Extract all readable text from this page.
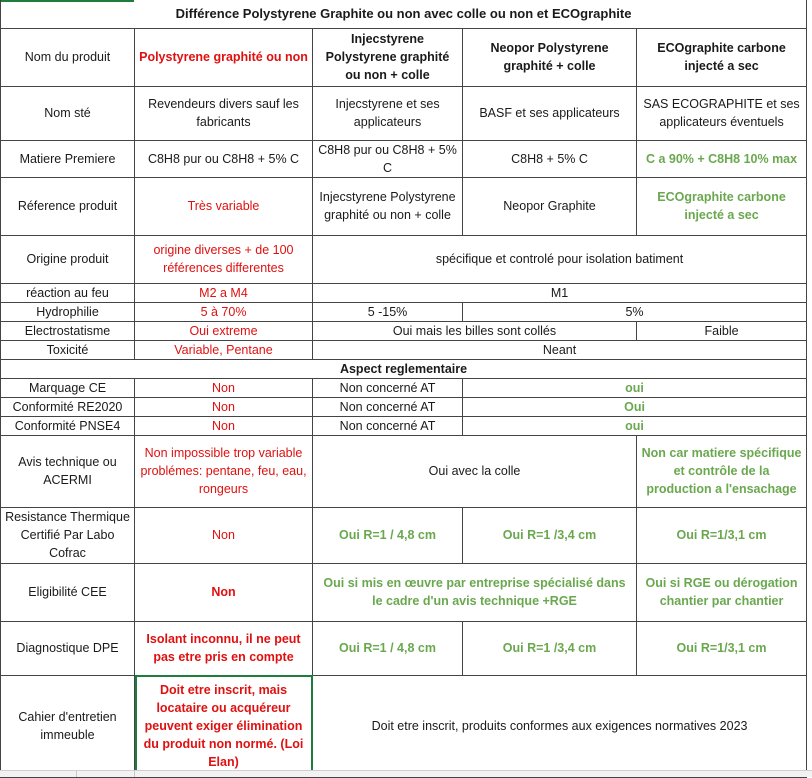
Différence Polystyrene Graphite ou non avec colle ou non et ECOgraphite				
Nom du produit	Polystyrene graphité ou non	Injecstyrene Polystyrene graphité ou non + colle	Neopor Polystyrene graphité + colle	ECOgraphite carbone injecté a sec
Nom sté	Revendeurs divers sauf les fabricants	Injecstyrene et ses applicateurs	BASF et ses applicateurs	SAS ECOGRAPHITE et ses applicateurs éventuels
Matiere Premiere	C8H8 pur ou C8H8 + 5% C	C8H8 pur ou C8H8 + 5% C	C8H8 + 5% C	C a 90% + C8H8 10% max
Réference produit	Très variable	Injecstyrene Polystyrene graphité ou non + colle	Neopor Graphite	ECOgraphite carbone injecté a sec
Origine produit	origine diverses + de 100 références differentes	spécifique et controlé pour isolation batiment		
réaction au feu	M2 a M4	M1		
Hydrophilie	5 à 70%	5 -15%	5%	
Electrostatisme	Oui extreme	Oui mais les billes sont collés		Faible
Toxicité	Variable, Pentane	Neant		
Aspect reglementaire				
Marquage CE	Non	Non concerné AT	oui	
Conformité RE2020	Non	Non concerné AT	Oui	
Conformité PNSE4	Non	Non concerné AT	oui	
Avis technique ou ACERMI	Non impossible trop variable problémes: pentane, feu, eau, rongeurs	Oui avec la colle		Non car matiere spécifique et contrôle de la production a l'ensachage
Resistance Thermique Certifié Par Labo Cofrac	Non	Oui R=1 / 4,8 cm	Oui R=1 /3,4 cm	Oui R=1/3,1 cm
Eligibilité CEE	Non	Oui si mis en œuvre par entreprise spécialisé dans le cadre d'un avis technique +RGE		Oui si RGE ou dérogation chantier par chantier
Diagnostique DPE	Isolant inconnu, il ne peut pas etre pris en compte	Oui R=1 / 4,8 cm	Oui R=1 /3,4 cm	Oui R=1/3,1 cm
Cahier d'entretien immeuble	Doit etre inscrit, mais locataire ou acquéreur peuvent exiger élimination du produit non normé. (Loi Elan)	Doit etre inscrit, produits conformes aux exigences normatives 2023		
